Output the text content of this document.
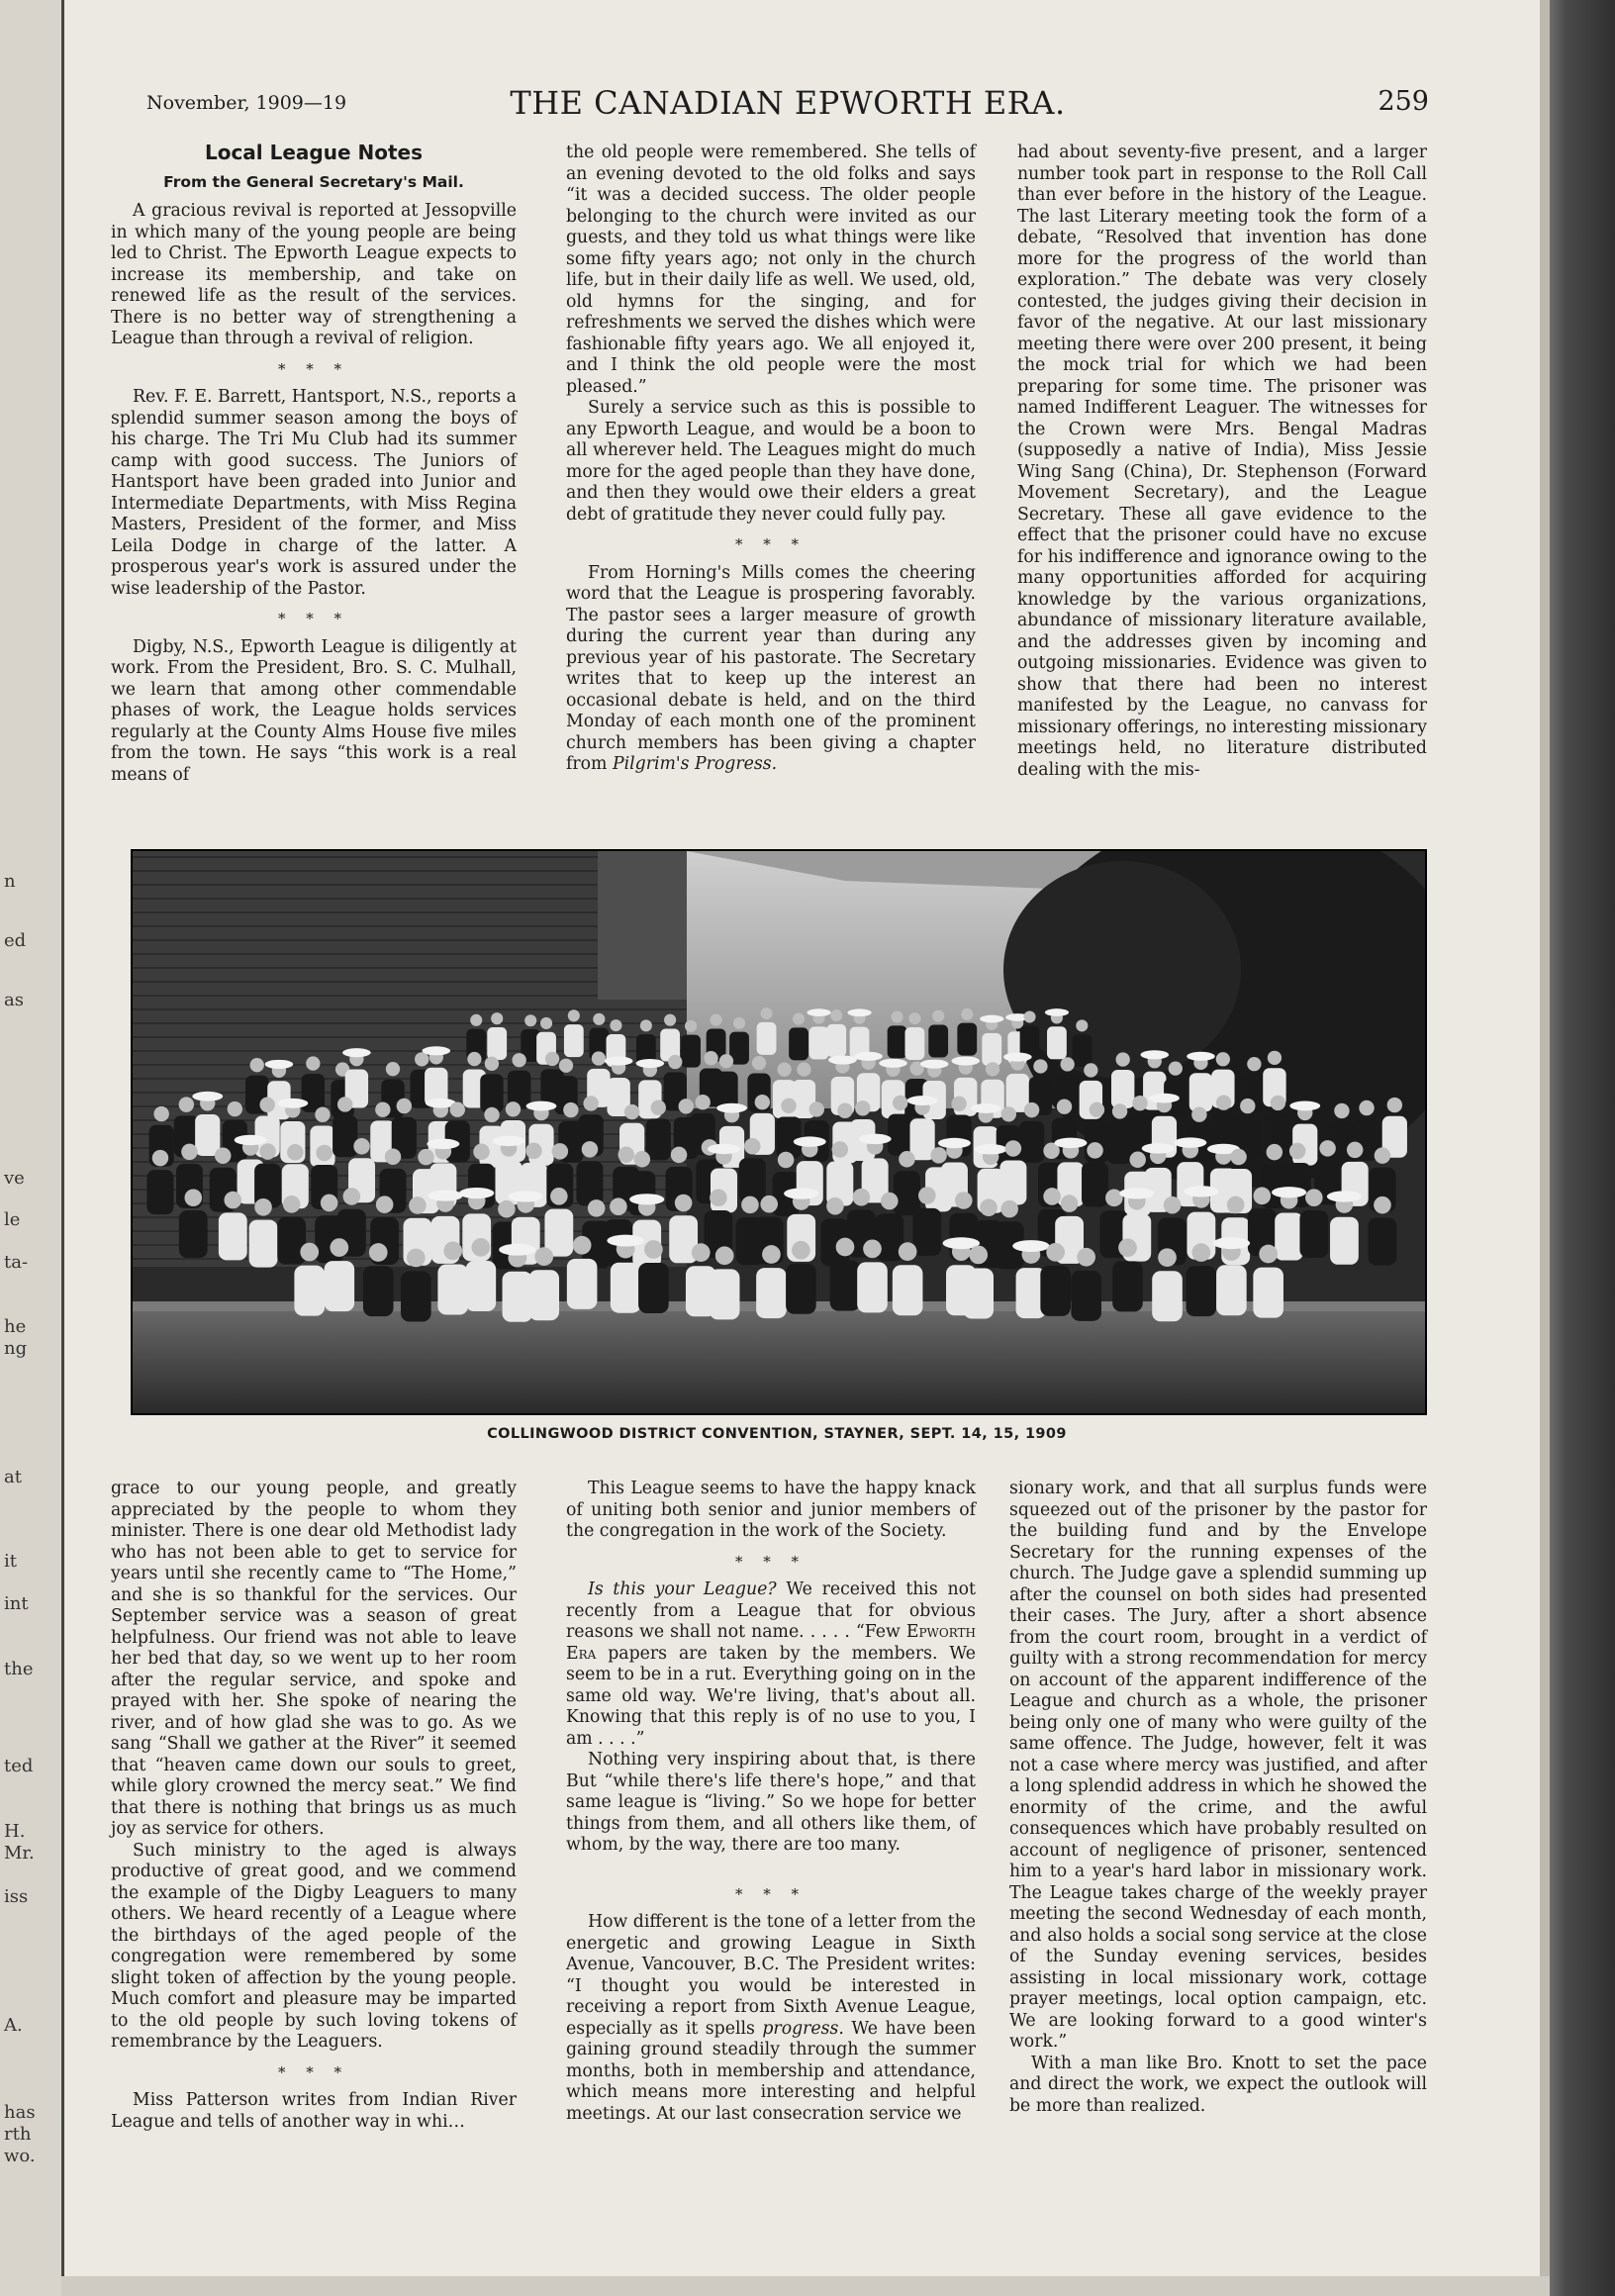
n
ed
as
ve
le
ta-
he
ng
at
it
int
the
ted
H.
Mr.
iss
A.
has
rth
wo.
November, 1909—19	THE CANADIAN EPWORTH ERA.	259
Local League Notes
From the General Secretary's Mail.

A gracious revival is reported at Jessopville in which many of the young people are being led to Christ. The Epworth League expects to increase its membership, and take on renewed life as the result of the services. There is no better way of strengthening a League than through a revival of religion.

* * *

Rev. F. E. Barrett, Hantsport, N.S., reports a splendid summer season among the boys of his charge. The Tri Mu Club had its summer camp with good success. The Juniors of Hantsport have been graded into Junior and Intermediate Departments, with Miss Regina Masters, President of the former, and Miss Leila Dodge in charge of the latter. A prosperous year's work is assured under the wise leadership of the Pastor.

* * *

Digby, N.S., Epworth League is diligently at work. From the President, Bro. S. C. Mulhall, we learn that among other commendable phases of work, the League holds services regularly at the County Alms House five miles from the town. He says “this work is a real means of

the old people were remembered. She tells of an evening devoted to the old folks and says “it was a decided success. The older people belonging to the church were invited as our guests, and they told us what things were like some fifty years ago; not only in the church life, but in their daily life as well. We used, old, old hymns for the singing, and for refreshments we served the dishes which were fashionable fifty years ago. We all enjoyed it, and I think the old people were the most pleased.”

Surely a service such as this is possible to any Epworth League, and would be a boon to all wherever held. The Leagues might do much more for the aged people than they have done, and then they would owe their elders a great debt of gratitude they never could fully pay.

* * *

From Horning's Mills comes the cheering word that the League is prospering favorably. The pastor sees a larger measure of growth during the current year than during any previous year of his pastorate. The Secretary writes that to keep up the interest an occasional debate is held, and on the third Monday of each month one of the prominent church members has been giving a chapter from Pilgrim's Progress.

had about seventy-five present, and a larger number took part in response to the Roll Call than ever before in the history of the League. The last Literary meeting took the form of a debate, “Resolved that invention has done more for the progress of the world than exploration.” The debate was very closely contested, the judges giving their decision in favor of the negative. At our last missionary meeting there were over 200 present, it being the mock trial for which we had been preparing for some time. The prisoner was named Indifferent Leaguer. The witnesses for the Crown were Mrs. Bengal Madras (supposedly a native of India), Miss Jessie Wing Sang (China), Dr. Stephenson (Forward Movement Secretary), and the League Secretary. These all gave evidence to the effect that the prisoner could have no excuse for his indifference and ignorance owing to the many opportunities afforded for acquiring knowledge by the various organizations, abundance of missionary literature available, and the addresses given by incoming and outgoing missionaries. Evidence was given to show that there had been no interest manifested by the League, no canvass for missionary offerings, no interesting missionary meetings held, no literature distributed dealing with the mis-

COLLINGWOOD DISTRICT CONVENTION, STAYNER, SEPT. 14, 15, 1909

grace to our young people, and greatly appreciated by the people to whom they minister. There is one dear old Methodist lady who has not been able to get to service for years until she recently came to “The Home,” and she is so thankful for the services. Our September service was a season of great helpfulness. Our friend was not able to leave her bed that day, so we went up to her room after the regular service, and spoke and prayed with her. She spoke of nearing the river, and of how glad she was to go. As we sang “Shall we gather at the River” it seemed that “heaven came down our souls to greet, while glory crowned the mercy seat.” We find that there is nothing that brings us as much joy as service for others.

Such ministry to the aged is always productive of great good, and we commend the example of the Digby Leaguers to many others. We heard recently of a League where the birthdays of the aged people of the congregation were remembered by some slight token of affection by the young people. Much comfort and pleasure may be imparted to the old people by such loving tokens of remembrance by the Leaguers.

* * *

Miss Patterson writes from Indian River League and tells of another way in whi…

This League seems to have the happy knack of uniting both senior and junior members of the congregation in the work of the Society.

* * *

Is this your League? We received this not recently from a League that for obvious reasons we shall not name. . . . . “Few Epworth Era papers are taken by the members. We seem to be in a rut. Everything going on in the same old way. We're living, that's about all. Knowing that this reply is of no use to you, I am . . . .”

Nothing very inspiring about that, is there But “while there's life there's hope,” and that same league is “living.” So we hope for better things from them, and all others like them, of whom, by the way, there are too many.

* * *

How different is the tone of a letter from the energetic and growing League in Sixth Avenue, Vancouver, B.C. The President writes: “I thought you would be interested in receiving a report from Sixth Avenue League, especially as it spells progress. We have been gaining ground steadily through the summer months, both in membership and attendance, which means more interesting and helpful meetings. At our last consecration service we

sionary work, and that all surplus funds were squeezed out of the prisoner by the pastor for the building fund and by the Envelope Secretary for the running expenses of the church. The Judge gave a splendid summing up after the counsel on both sides had presented their cases. The Jury, after a short absence from the court room, brought in a verdict of guilty with a strong recommendation for mercy on account of the apparent indifference of the League and church as a whole, the prisoner being only one of many who were guilty of the same offence. The Judge, however, felt it was not a case where mercy was justified, and after a long splendid address in which he showed the enormity of the crime, and the awful consequences which have probably resulted on account of negligence of prisoner, sentenced him to a year's hard labor in missionary work. The League takes charge of the weekly prayer meeting the second Wednesday of each month, and also holds a social song service at the close of the Sunday evening services, besides assisting in local missionary work, cottage prayer meetings, local option campaign, etc. We are looking forward to a good winter's work.”

With a man like Bro. Knott to set the pace and direct the work, we expect the outlook will be more than realized.
